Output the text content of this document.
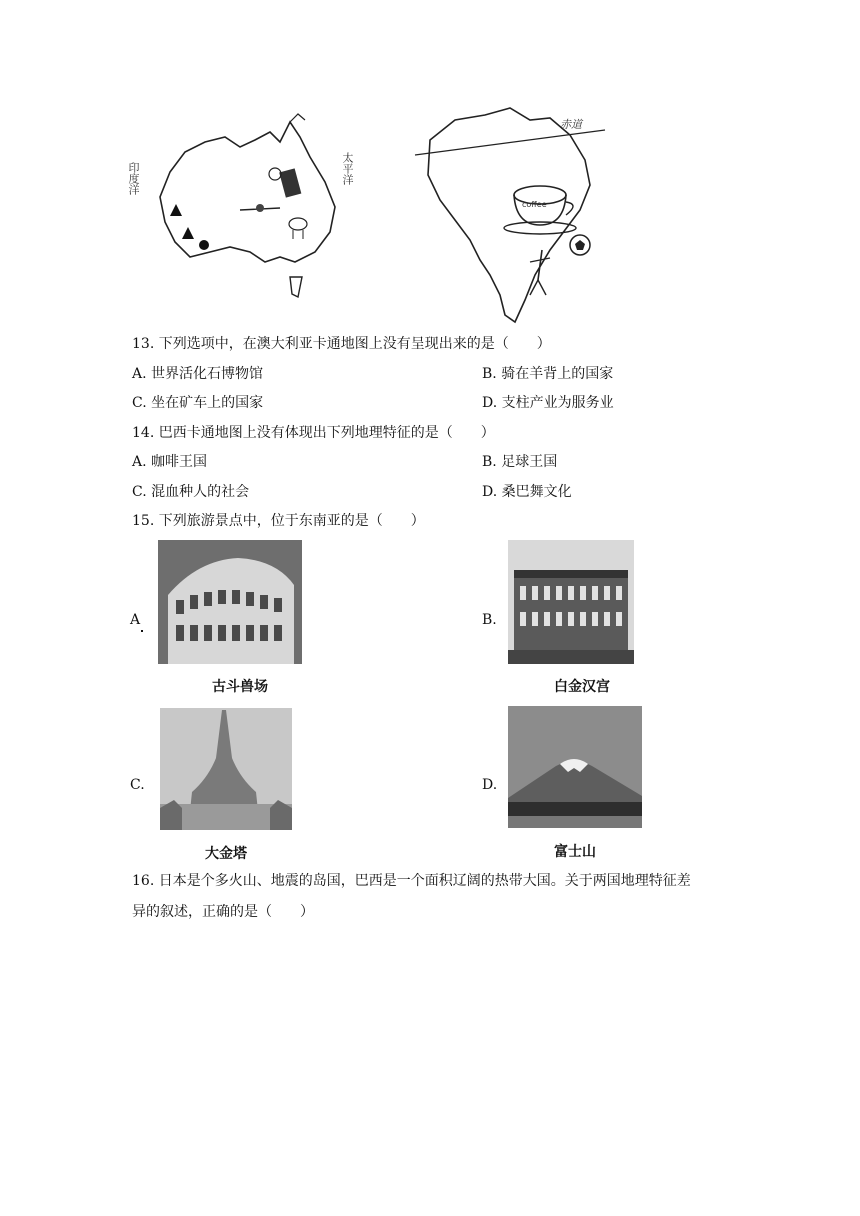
印度洋	太平洋
赤道
coffee
13. 下列选项中，在澳大利亚卡通地图上没有呈现出来的是（　　）
A. 世界活化石博物馆	B. 骑在羊背上的国家
C. 坐在矿车上的国家	D. 支柱产业为服务业
14. 巴西卡通地图上没有体现出下列地理特征的是（　　）
A. 咖啡王国	B. 足球王国
C. 混血种人的社会	D. 桑巴舞文化
15. 下列旅游景点中，位于东南亚的是（　　）
A
古斗兽场
B.
白金汉宫
C.
大金塔
D.
富士山
16. 日本是个多火山、地震的岛国，巴西是一个面积辽阔的热带大国。关于两国地理特征差
异的叙述，正确的是（　　）
